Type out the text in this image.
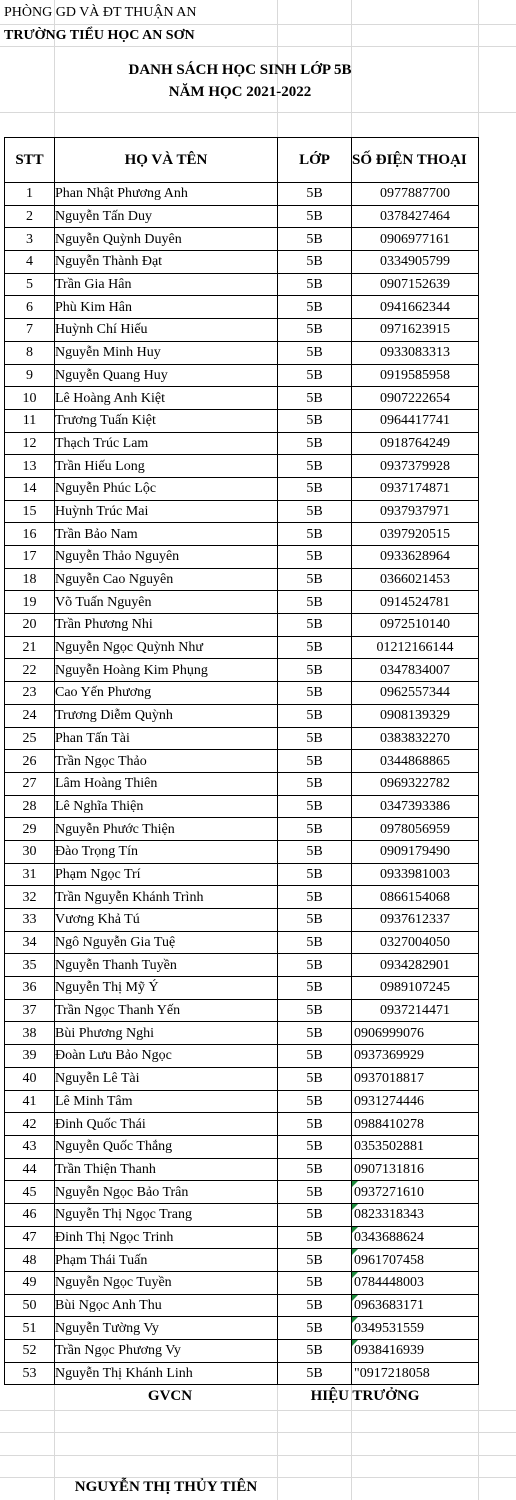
PHÒNG GD VÀ ĐT THUẬN AN
TRƯỜNG TIỂU HỌC AN SƠN
DANH SÁCH HỌC SINH LỚP 5B
NĂM HỌC 2021-2022
STT	HỌ VÀ TÊN	LỚP	SỐ ĐIỆN THOẠI
1	Phan Nhật Phương Anh	5B	0977887700
2	Nguyễn Tấn Duy	5B	0378427464
3	Nguyễn Quỳnh Duyên	5B	0906977161
4	Nguyễn Thành Đạt	5B	0334905799
5	Trần Gia Hân	5B	0907152639
6	Phù Kim Hân	5B	0941662344
7	Huỳnh Chí Hiếu	5B	0971623915
8	Nguyễn Minh Huy	5B	0933083313
9	Nguyễn Quang Huy	5B	0919585958
10	Lê Hoàng Anh Kiệt	5B	0907222654
11	Trương Tuấn Kiệt	5B	0964417741
12	Thạch Trúc Lam	5B	0918764249
13	Trần Hiếu Long	5B	0937379928
14	Nguyễn Phúc Lộc	5B	0937174871
15	Huỳnh Trúc Mai	5B	0937937971
16	Trần Bảo Nam	5B	0397920515
17	Nguyễn Thảo Nguyên	5B	0933628964
18	Nguyễn Cao Nguyên	5B	0366021453
19	Võ Tuấn Nguyên	5B	0914524781
20	Trần Phương Nhi	5B	0972510140
21	Nguyễn Ngọc Quỳnh Như	5B	01212166144
22	Nguyễn Hoàng Kim Phụng	5B	0347834007
23	Cao Yến Phương	5B	0962557344
24	Trương Diễm Quỳnh	5B	0908139329
25	Phan Tấn Tài	5B	0383832270
26	Trần Ngọc Thảo	5B	0344868865
27	Lâm Hoàng Thiên	5B	0969322782
28	Lê Nghĩa Thiện	5B	0347393386
29	Nguyễn Phước Thiện	5B	0978056959
30	Đào Trọng Tín	5B	0909179490
31	Phạm Ngọc Trí	5B	0933981003
32	Trần Nguyễn Khánh Trình	5B	0866154068
33	Vương Khả Tú	5B	0937612337
34	Ngô Nguyễn Gia Tuệ	5B	0327004050
35	Nguyễn Thanh Tuyền	5B	0934282901
36	Nguyễn Thị Mỹ Ý	5B	0989107245
37	Trần Ngọc Thanh Yến	5B	0937214471
38	Bùi Phương Nghi	5B	0906999076
39	Đoàn Lưu Bảo Ngọc	5B	0937369929
40	Nguyễn Lê Tài	5B	0937018817
41	Lê Minh Tâm	5B	0931274446
42	Đinh Quốc Thái	5B	0988410278
43	Nguyễn Quốc Thắng	5B	0353502881
44	Trần Thiện Thanh	5B	0907131816
45	Nguyễn Ngọc Bảo Trân	5B	0937271610
46	Nguyễn Thị Ngọc Trang	5B	0823318343
47	Đinh Thị Ngọc Trinh	5B	0343688624
48	Phạm Thái Tuấn	5B	0961707458
49	Nguyễn Ngọc Tuyền	5B	0784448003
50	Bùi Ngọc Anh Thu	5B	0963683171
51	Nguyễn Tường Vy	5B	0349531559
52	Trần Ngọc Phương Vy	5B	0938416939
53	Nguyễn Thị Khánh Linh	5B	"0917218058
GVCN	HIỆU TRƯỞNG
NGUYỄN THỊ THỦY TIÊN
